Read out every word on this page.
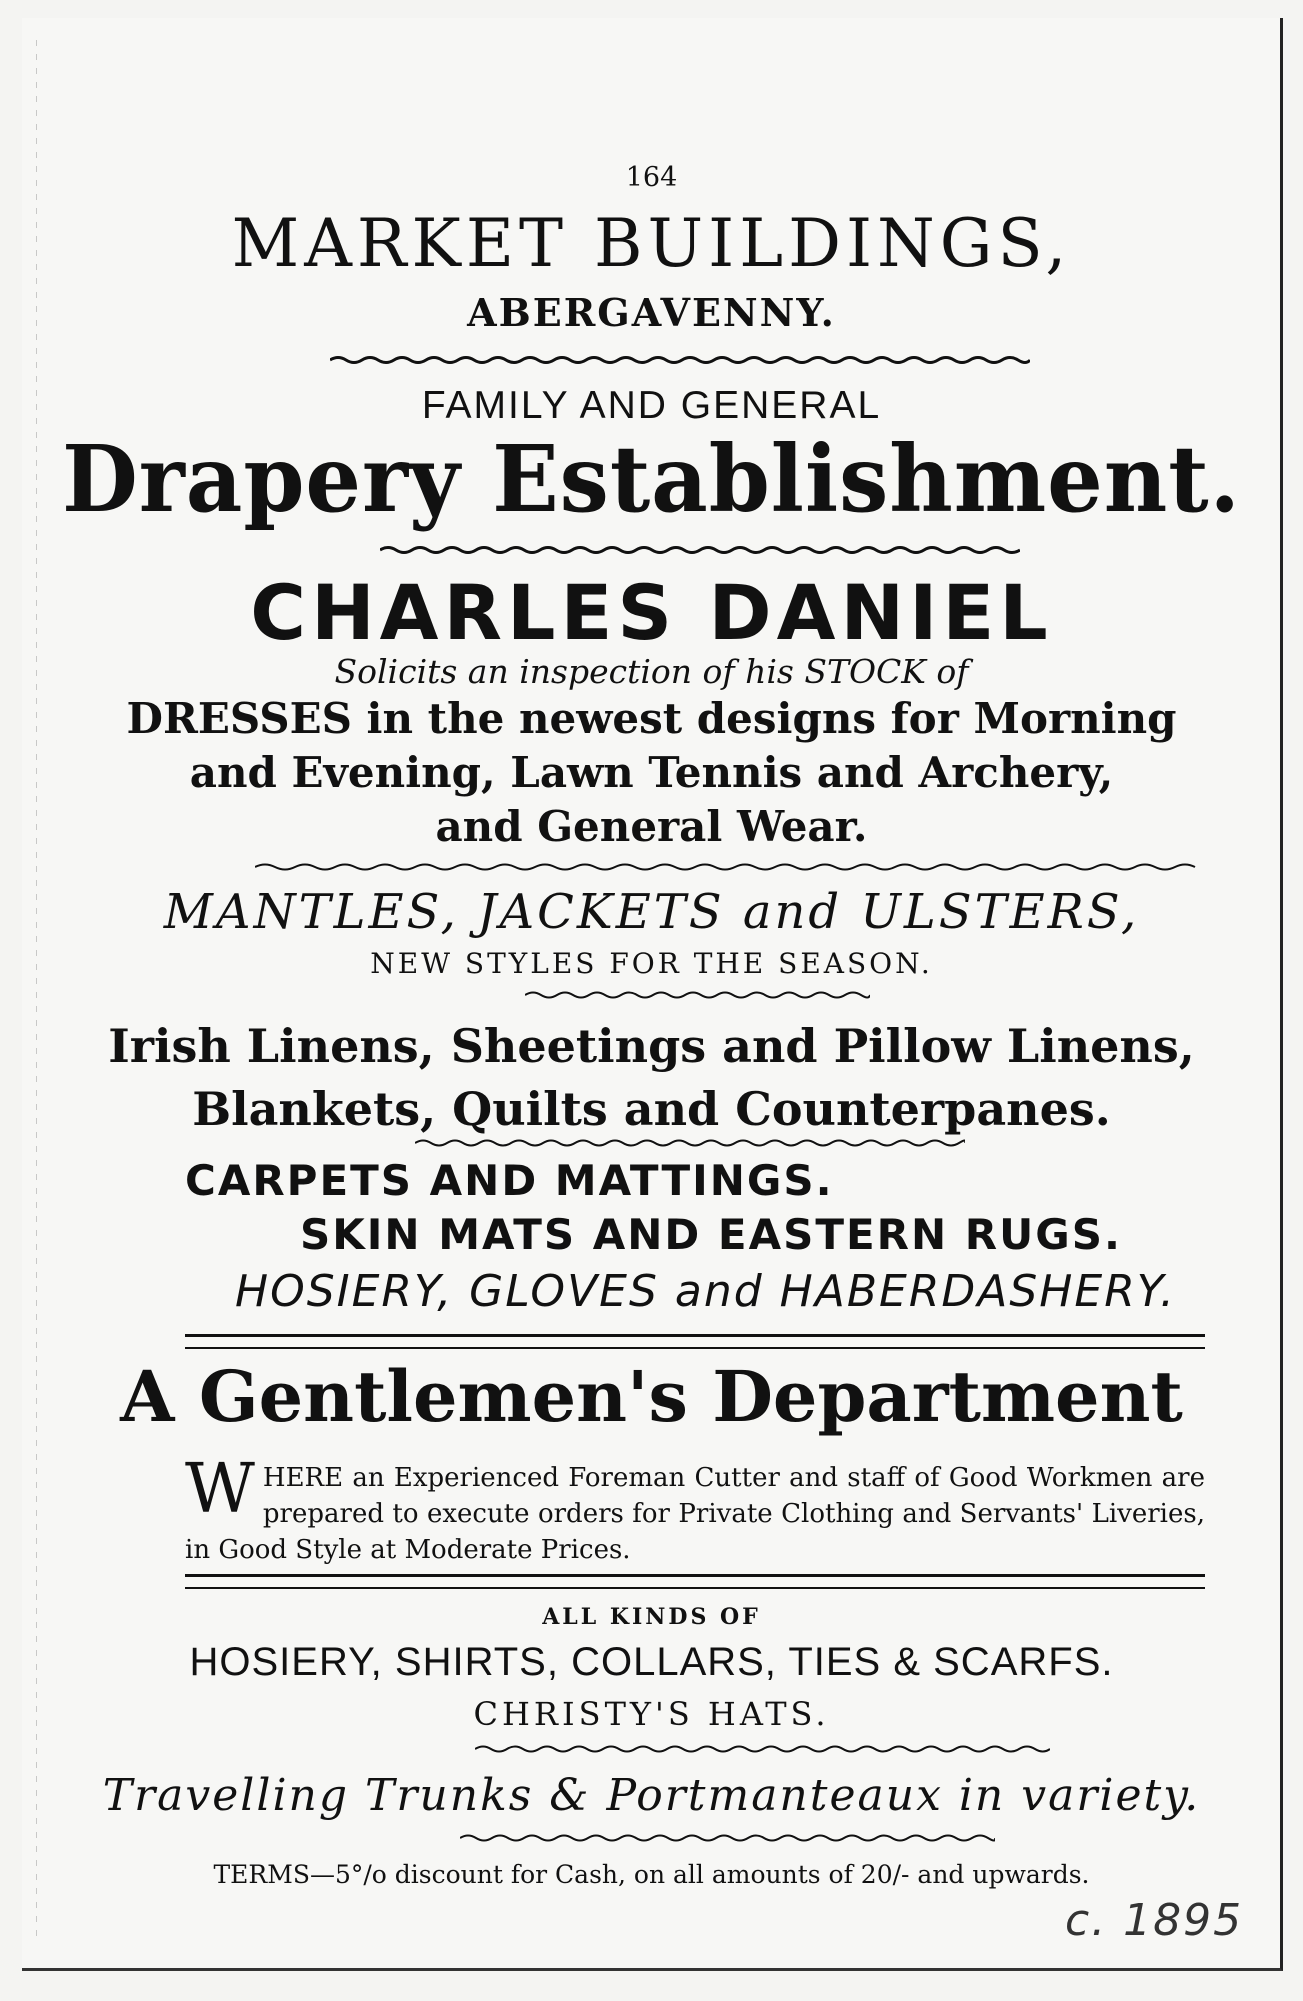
164
MARKET BUILDINGS,
ABERGAVENNY.
FAMILY AND GENERAL
Drapery Establishment.
CHARLES DANIEL
Solicits an inspection of his STOCK of
DRESSES in the newest designs for Morning
and Evening, Lawn Tennis and Archery,
and General Wear.
MANTLES, JACKETS and ULSTERS,
NEW STYLES FOR THE SEASON.
Irish Linens, Sheetings and Pillow Linens,
Blankets, Quilts and Counterpanes.
CARPETS AND MATTINGS.
SKIN MATS AND EASTERN RUGS.
HOSIERY, GLOVES and HABERDASHERY.
A Gentlemen's Department
WHERE an Experienced Foreman Cutter and staff of Good Workmen are prepared to execute orders for Private Clothing and Servants' Liveries, in Good Style at Moderate Prices.
ALL KINDS OF
HOSIERY, SHIRTS, COLLARS, TIES & SCARFS.
CHRISTY'S HATS.
Travelling Trunks & Portmanteaux in variety.
TERMS—5°/o discount for Cash, on all amounts of 20/- and upwards.
c. 1895
